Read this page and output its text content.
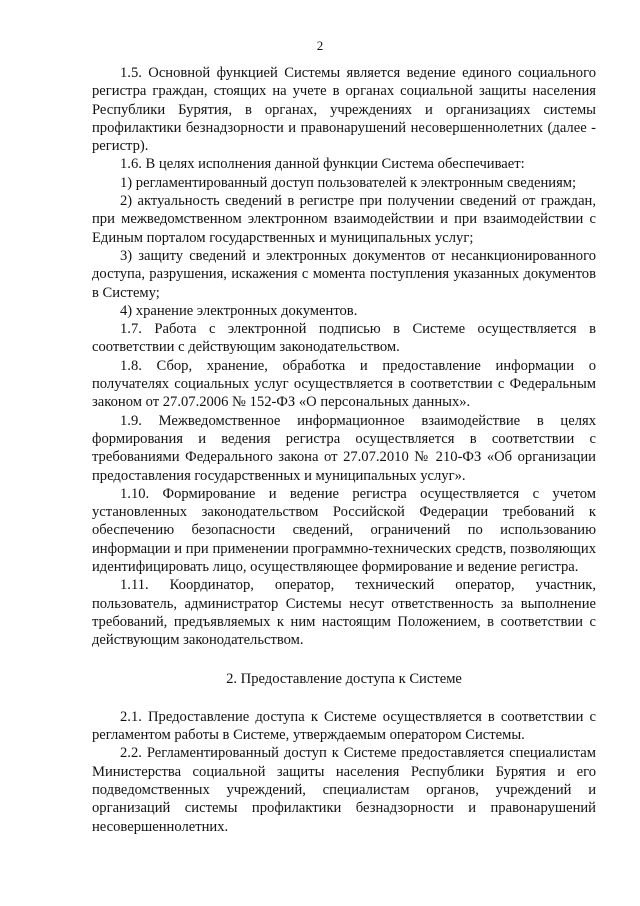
2

1.5. Основной функцией Системы является ведение единого социального регистра граждан, стоящих на учете в органах социальной защиты населения Республики Бурятия, в органах, учреждениях и организациях системы профилактики безнадзорности и правонарушений несовершеннолетних (далее - регистр).

1.6. В целях исполнения данной функции Система обеспечивает:

1) регламентированный доступ пользователей к электронным сведениям;

2) актуальность сведений в регистре при получении сведений от граждан, при межведомственном электронном взаимодействии и при взаимодействии с Единым порталом государственных и муниципальных услуг;

3) защиту сведений и электронных документов от несанкционированного доступа, разрушения, искажения с момента поступления указанных документов в Систему;

4) хранение электронных документов.

1.7. Работа с электронной подписью в Системе осуществляется в соответствии с действующим законодательством.

1.8. Сбор, хранение, обработка и предоставление информации о получателях социальных услуг осуществляется в соответствии с Федеральным законом от 27.07.2006 № 152-ФЗ «О персональных данных».

1.9. Межведомственное информационное взаимодействие в целях формирования и ведения регистра осуществляется в соответствии с требованиями Федерального закона от 27.07.2010 № 210-ФЗ «Об организации предоставления государственных и муниципальных услуг».

1.10. Формирование и ведение регистра осуществляется с учетом установленных законодательством Российской Федерации требований к обеспечению безопасности сведений, ограничений по использованию информации и при применении программно-технических средств, позволяющих идентифицировать лицо, осуществляющее формирование и ведение регистра.

1.11. Координатор, оператор, технический оператор, участник, пользователь, администратор Системы несут ответственность за выполнение требований, предъявляемых к ним настоящим Положением, в соответствии с действующим законодательством.

2. Предоставление доступа к Системе

2.1. Предоставление доступа к Системе осуществляется в соответствии с регламентом работы в Системе, утверждаемым оператором Системы.

2.2. Регламентированный доступ к Системе предоставляется специалистам Министерства социальной защиты населения Республики Бурятия и его подведомственных учреждений, специалистам органов, учреждений и организаций системы профилактики безнадзорности и правонарушений несовершеннолетних.
